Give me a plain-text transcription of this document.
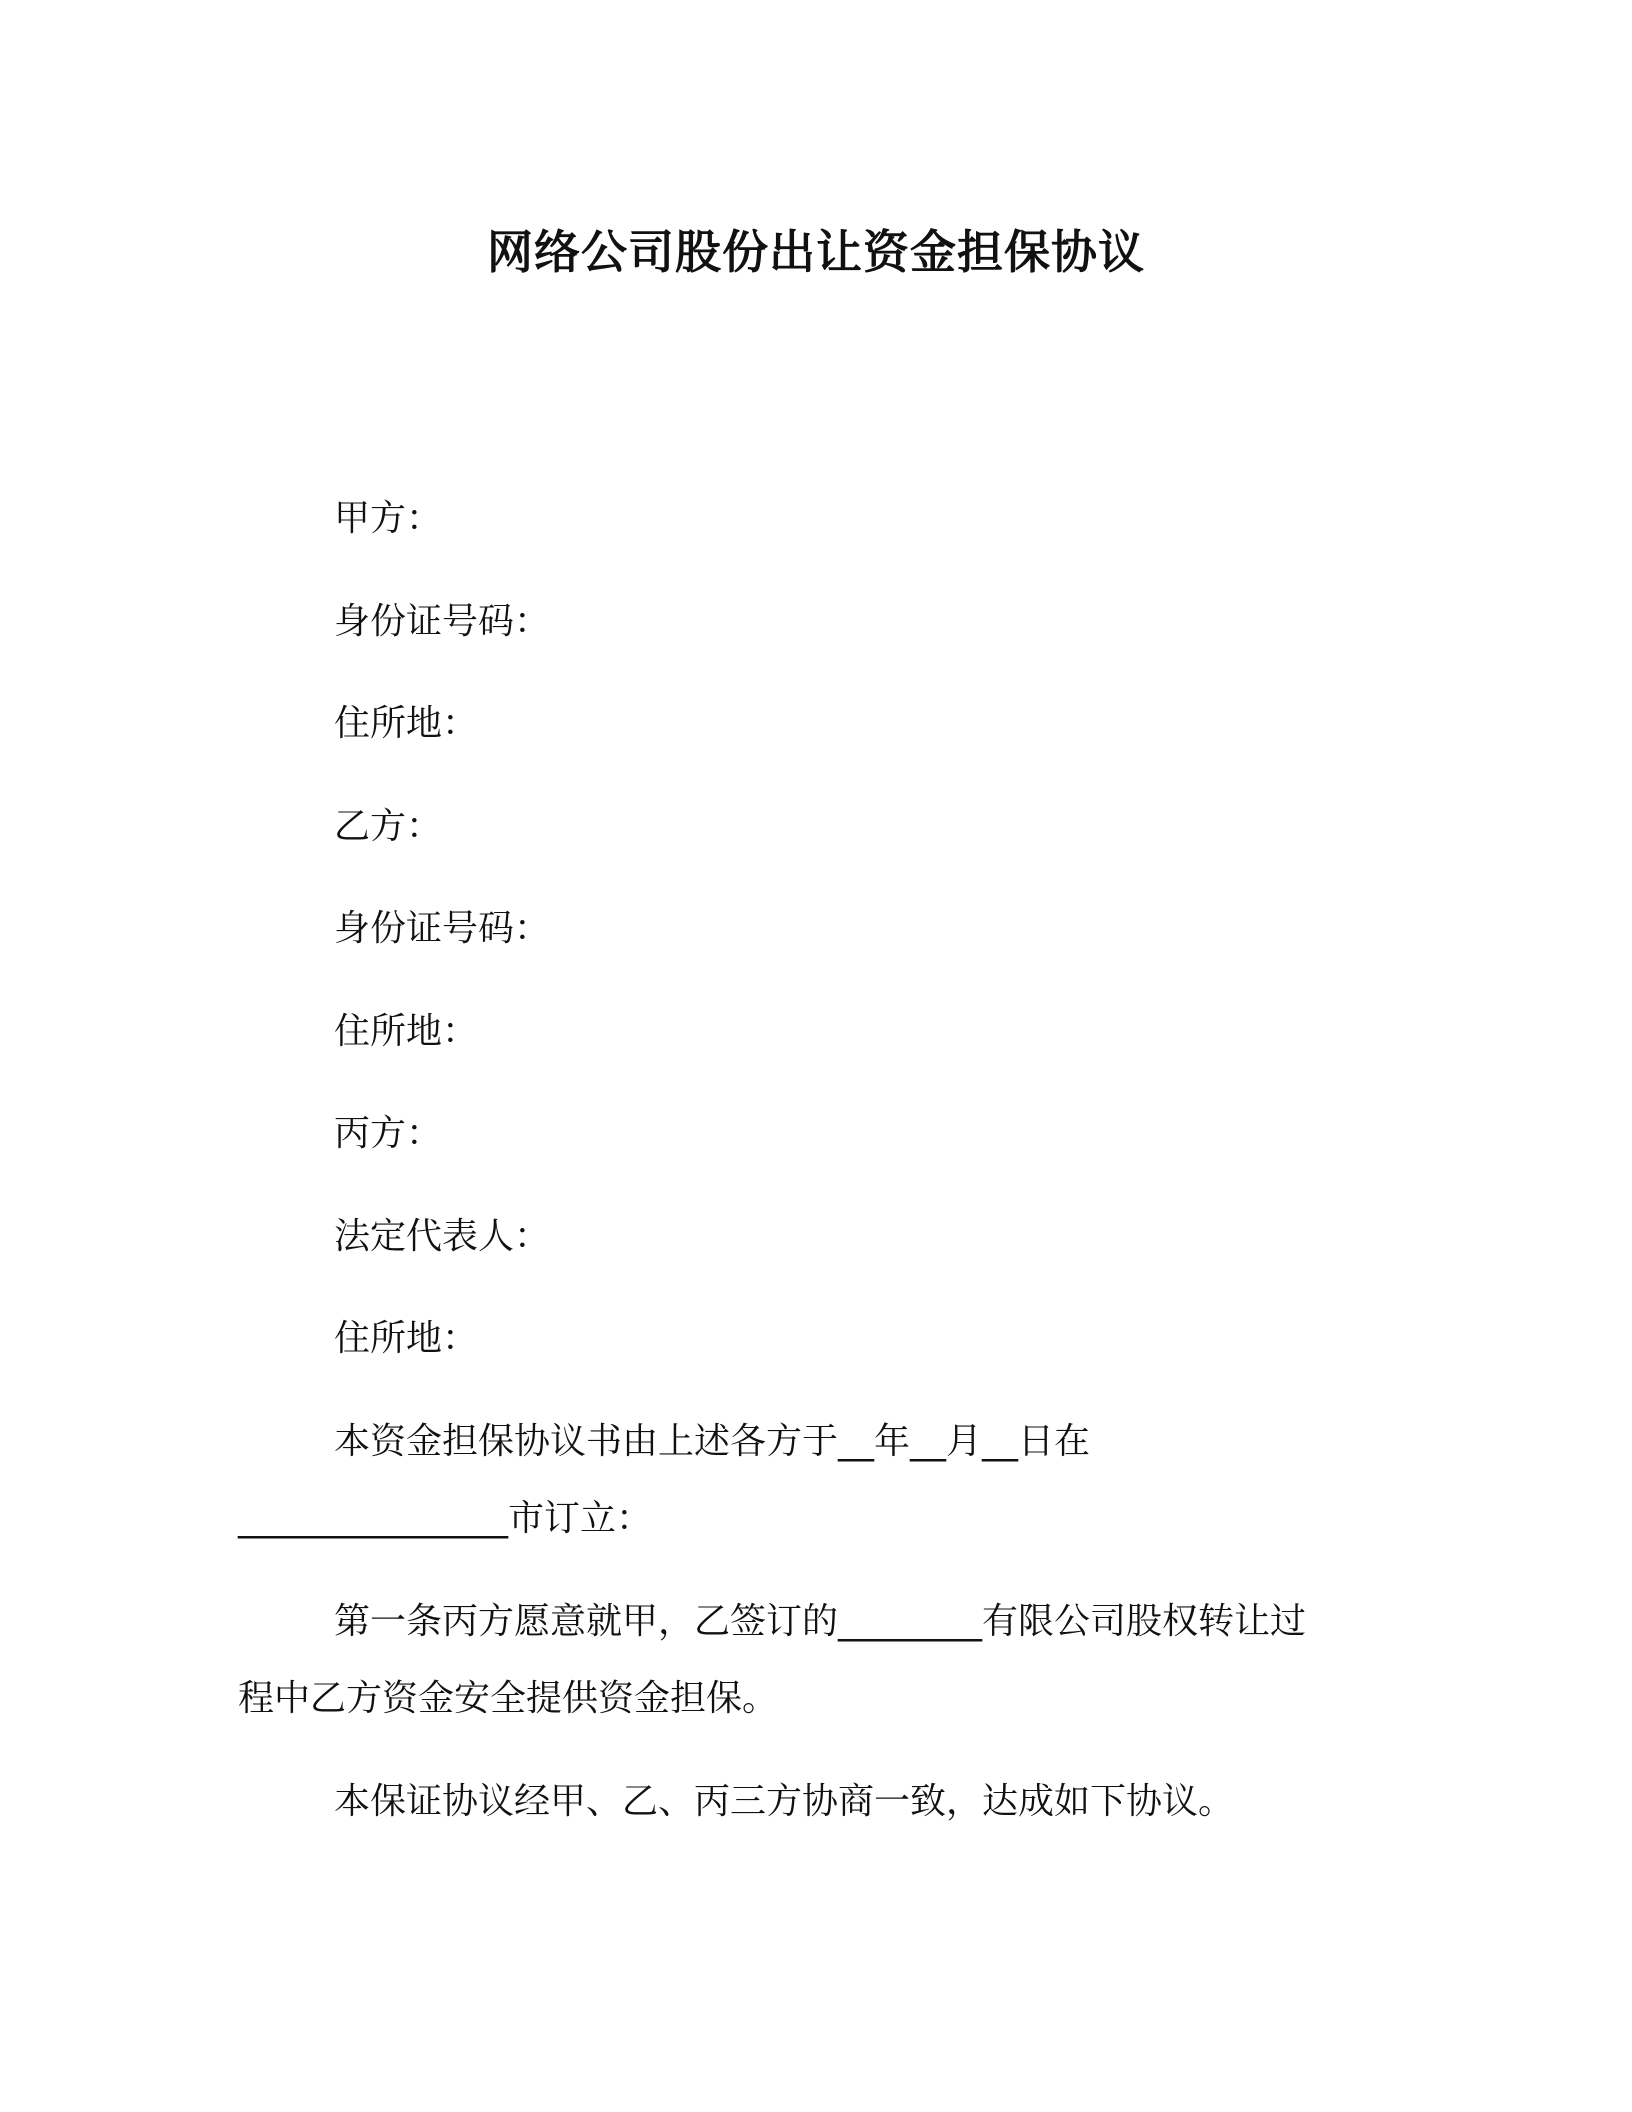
网络公司股份出让资金担保协议
甲方：
身份证号码：
住所地：
乙方：
身份证号码：
住所地：
丙方：
法定代表人：
住所地：
本资金担保协议书由上述各方于__年__月__日在
_______________市订立：
第一条丙方愿意就甲，乙签订的________有限公司股权转让过
程中乙方资金安全提供资金担保。
本保证协议经甲、乙、丙三方协商一致，达成如下协议。
